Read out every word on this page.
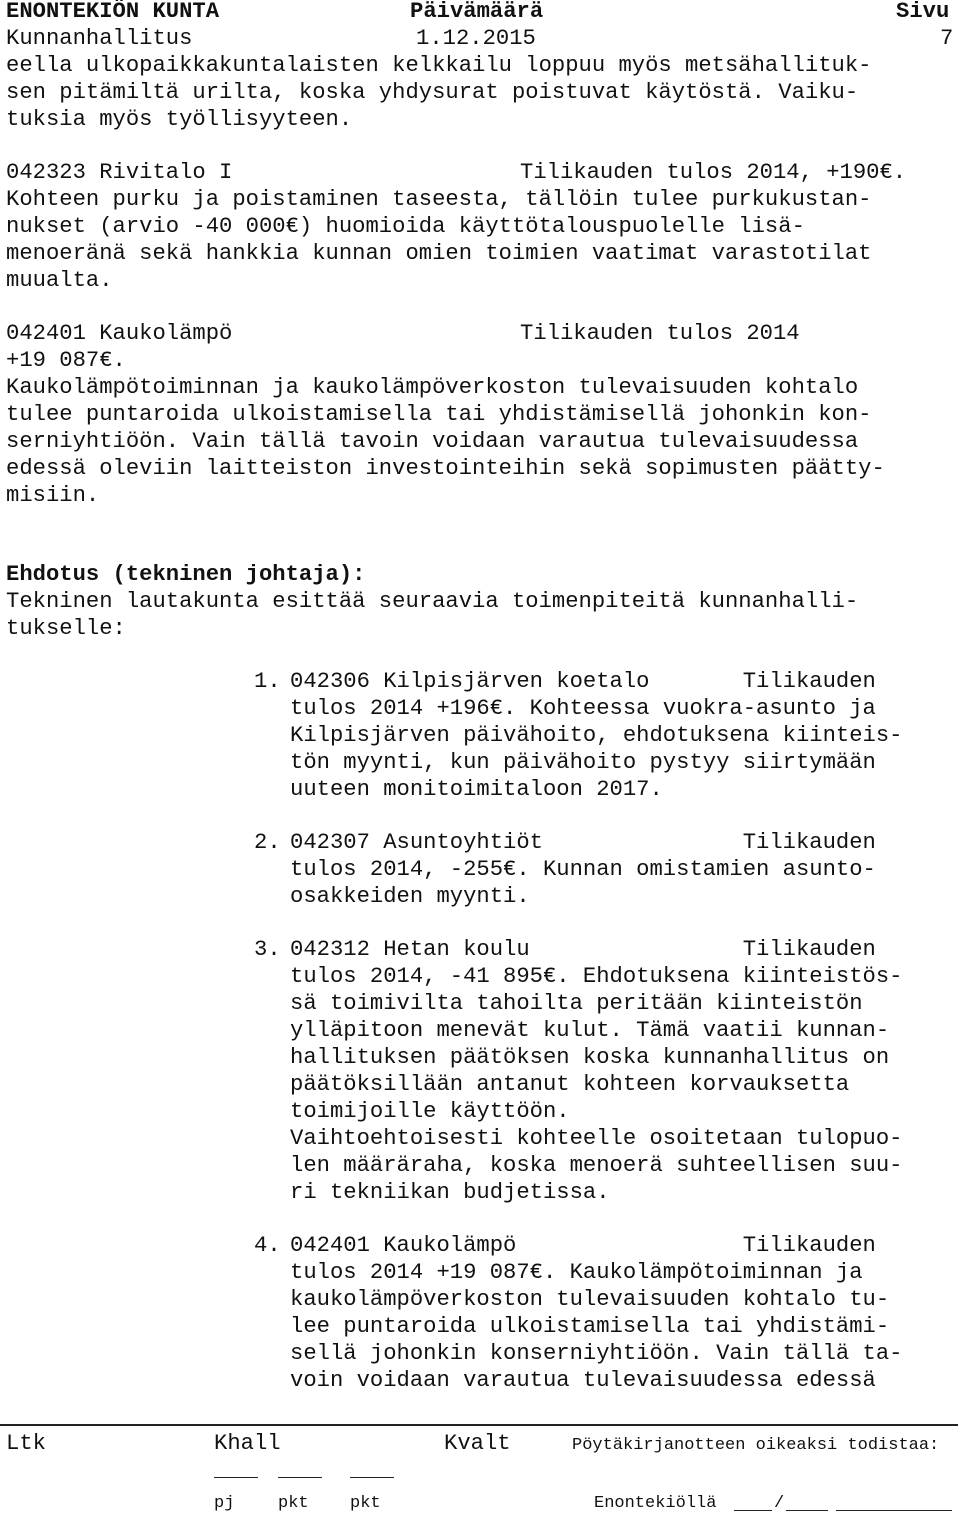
ENONTEKIÖN KUNTA	Päivämäärä	Sivu
Kunnanhallitus	1.12.2015	7
eella ulkopaikkakuntalaisten kelkkailu loppuu myös metsähallituk-
sen pitämiltä urilta, koska yhdysurat poistuvat käytöstä. Vaiku-
tuksia myös työllisyyteen.
042323 Rivitalo I	Tilikauden tulos 2014, +190€.
Kohteen purku ja poistaminen taseesta, tällöin tulee purkukustan-
nukset (arvio -40 000€) huomioida käyttötalouspuolelle lisä-
menoeränä sekä hankkia kunnan omien toimien vaatimat varastotilat
muualta.
042401 Kaukolämpö	Tilikauden tulos 2014
+19 087€.
Kaukolämpötoiminnan ja kaukolämpöverkoston tulevaisuuden kohtalo
tulee puntaroida ulkoistamisella tai yhdistämisellä johonkin kon-
serniyhtiöön. Vain tällä tavoin voidaan varautua tulevaisuudessa
edessä oleviin laitteiston investointeihin sekä sopimusten päätty-
misiin.
Ehdotus (tekninen johtaja):
Tekninen lautakunta esittää seuraavia toimenpiteitä kunnanhalli-
tukselle:
1. 042306 Kilpisjärven koetalo       Tilikauden
tulos 2014 +196€. Kohteessa vuokra-asunto ja
Kilpisjärven päivähoito, ehdotuksena kiinteis-
tön myynti, kun päivähoito pystyy siirtymään
uuteen monitoimitaloon 2017.
2. 042307 Asuntoyhtiöt               Tilikauden
tulos 2014, -255€. Kunnan omistamien asunto-
osakkeiden myynti.
3. 042312 Hetan koulu                Tilikauden
tulos 2014, -41 895€. Ehdotuksena kiinteistös-
sä toimivilta tahoilta peritään kiinteistön
ylläpitoon menevät kulut. Tämä vaatii kunnan-
hallituksen päätöksen koska kunnanhallitus on
päätöksillään antanut kohteen korvauksetta
toimijoille käyttöön.
Vaihtoehtoisesti kohteelle osoitetaan tulopuo-
len määräraha, koska menoerä suhteellisen suu-
ri tekniikan budjetissa.
4. 042401 Kaukolämpö                 Tilikauden
tulos 2014 +19 087€. Kaukolämpötoiminnan ja
kaukolämpöverkoston tulevaisuuden kohtalo tu-
lee puntaroida ulkoistamisella tai yhdistämi-
sellä johonkin konserniyhtiöön. Vain tällä ta-
voin voidaan varautua tulevaisuudessa edessä
Ltk	Khall	Kvalt	Pöytäkirjanotteen oikeaksi todistaa:
pj	pkt pkt	Enontekiöllä	/
